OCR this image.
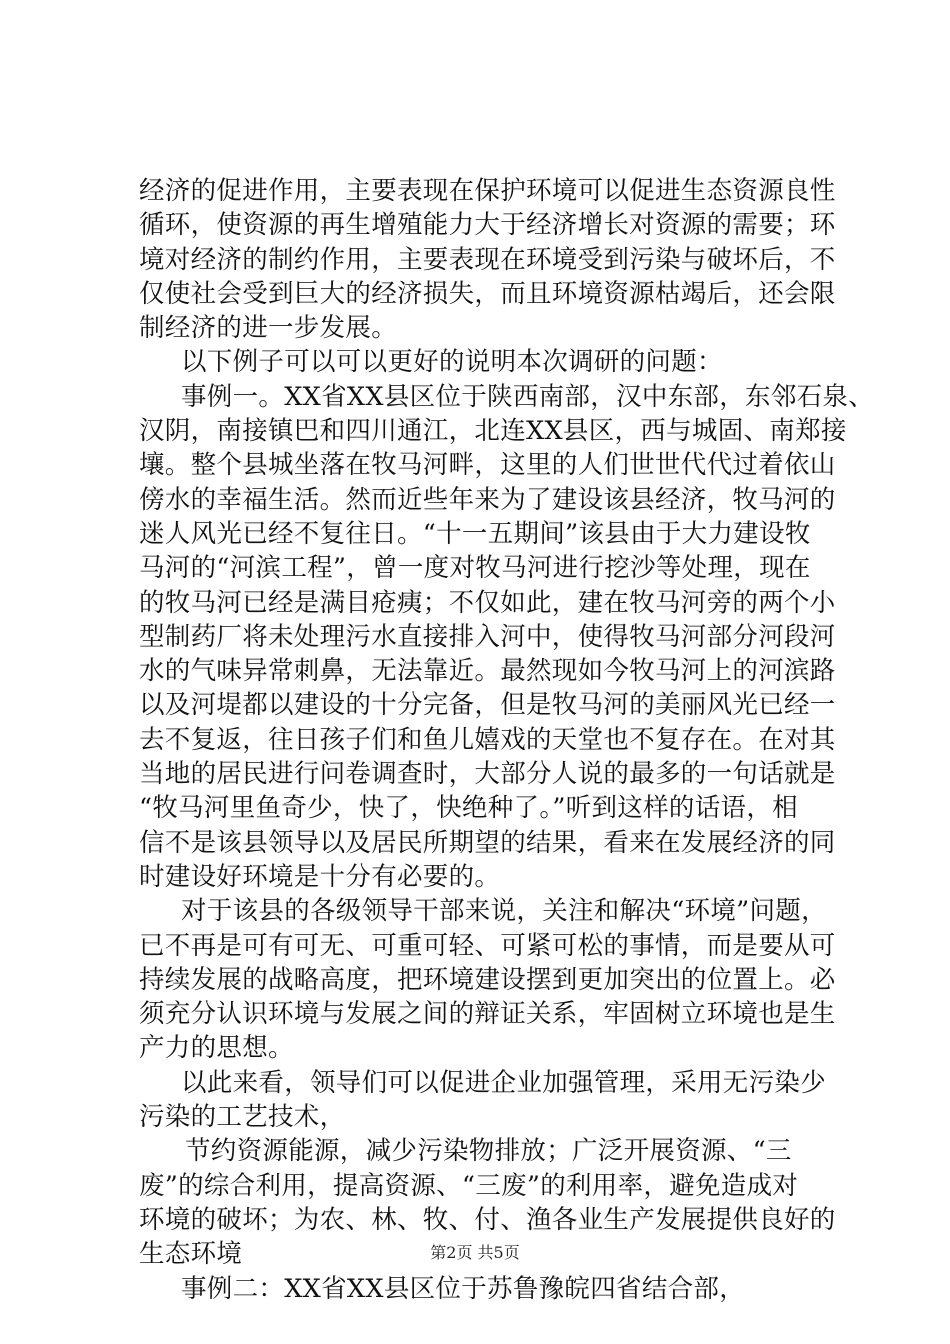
经济的促进作用，主要表现在保护环境可以促进生态资源良性
循环，使资源的再生增殖能力大于经济增长对资源的需要；环
境对经济的制约作用，主要表现在环境受到污染与破坏后，不
仅使社会受到巨大的经济损失，而且环境资源枯竭后，还会限
制经济的进一步发展。
以下例子可以可以更好的说明本次调研的问题：
事例一。XX省XX县区位于陕西南部，汉中东部，东邻石泉、
汉阴，南接镇巴和四川通江，北连XX县区，西与城固、南郑接
壤。整个县城坐落在牧马河畔，这里的人们世世代代过着依山
傍水的幸福生活。然而近些年来为了建设该县经济，牧马河的
迷人风光已经不复往日。“十一五期间”该县由于大力建设牧
马河的“河滨工程”，曾一度对牧马河进行挖沙等处理，现在
的牧马河已经是满目疮痍；不仅如此，建在牧马河旁的两个小
型制药厂将未处理污水直接排入河中，使得牧马河部分河段河
水的气味异常刺鼻，无法靠近。最然现如今牧马河上的河滨路
以及河堤都以建设的十分完备，但是牧马河的美丽风光已经一
去不复返，往日孩子们和鱼儿嬉戏的天堂也不复存在。在对其
当地的居民进行问卷调查时，大部分人说的最多的一句话就是
“牧马河里鱼奇少，快了，快绝种了。”听到这样的话语，相
信不是该县领导以及居民所期望的结果，看来在发展经济的同
时建设好环境是十分有必要的。
对于该县的各级领导干部来说，关注和解决“环境”问题，
已不再是可有可无、可重可轻、可紧可松的事情，而是要从可
持续发展的战略高度，把环境建设摆到更加突出的位置上。必
须充分认识环境与发展之间的辩证关系，牢固树立环境也是生
产力的思想。
以此来看，领导们可以促进企业加强管理，采用无污染少
污染的工艺技术，
节约资源能源，减少污染物排放；广泛开展资源、“三
废”的综合利用，提高资源、“三废”的利用率，避免造成对
环境的破坏；为农、林、牧、付、渔各业生产发展提供良好的
生态环境
事例二：XX省XX县区位于苏鲁豫皖四省结合部，
第2页 共5页
